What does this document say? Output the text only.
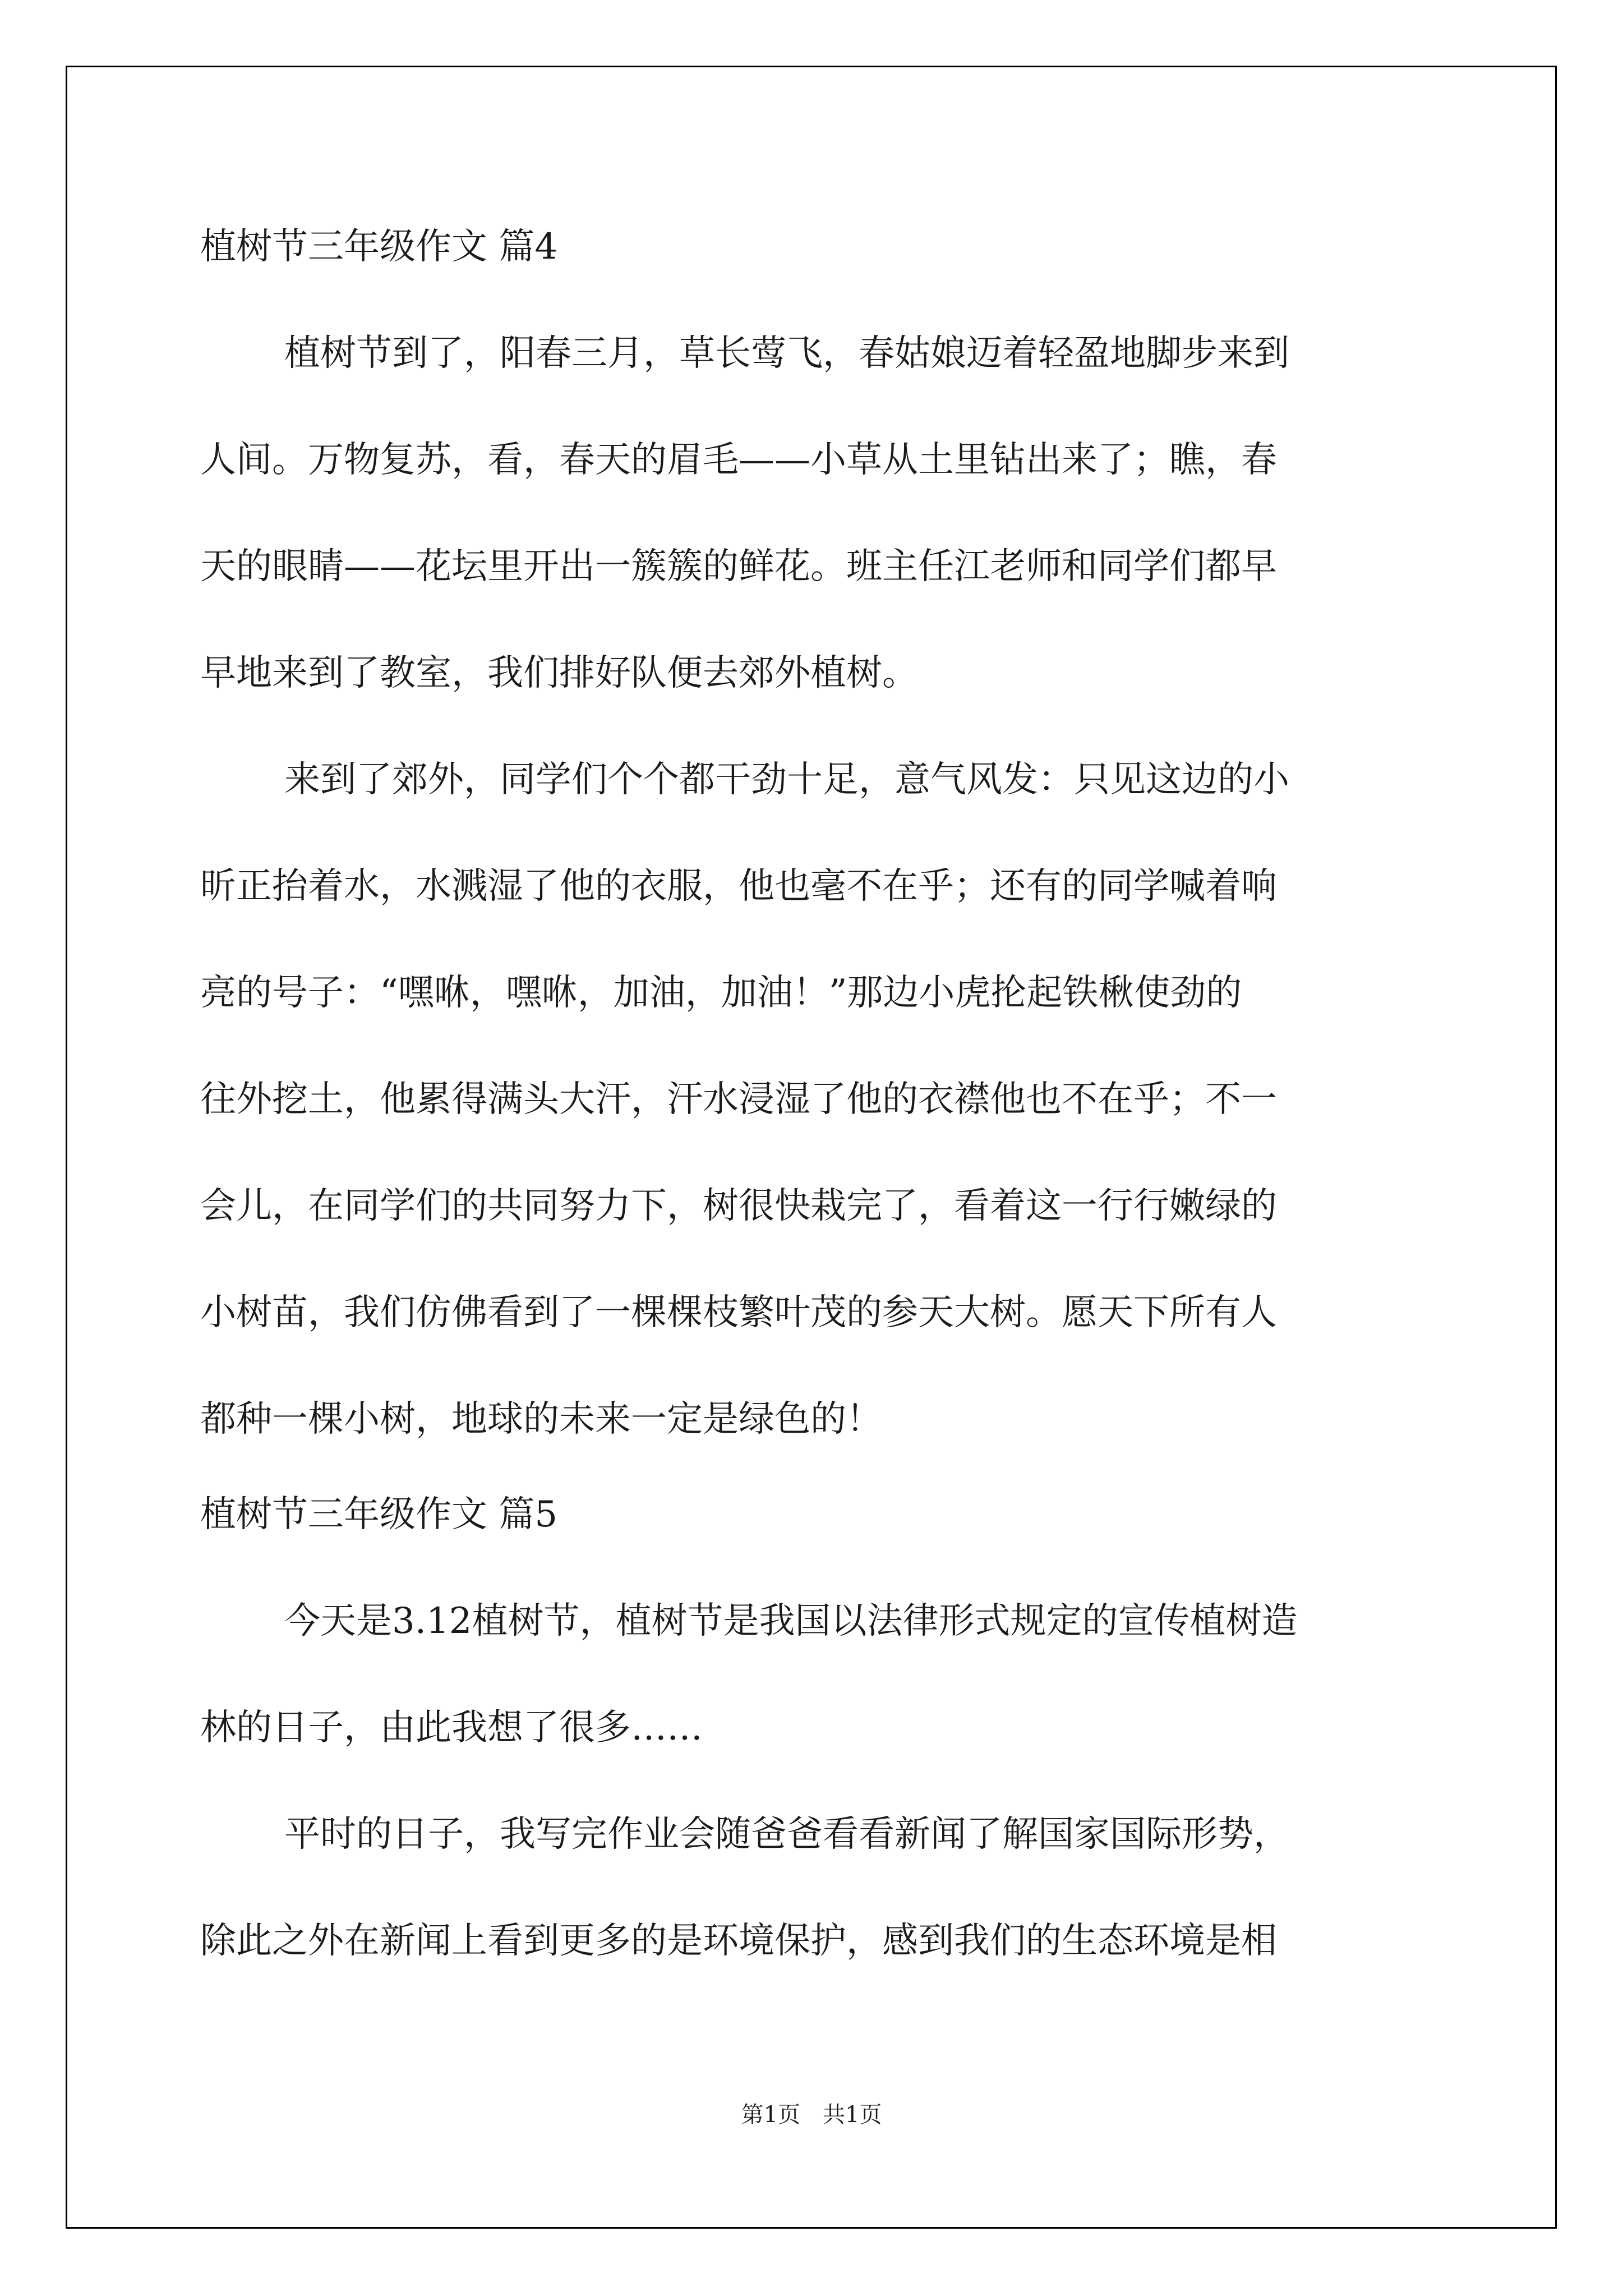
植树节三年级作文 篇4
植树节到了，阳春三月，草长莺飞，春姑娘迈着轻盈地脚步来到
人间。万物复苏，看，春天的眉毛——小草从土里钻出来了；瞧，春
天的眼睛——花坛里开出一簇簇的鲜花。班主任江老师和同学们都早
早地来到了教室，我们排好队便去郊外植树。
来到了郊外，同学们个个都干劲十足，意气风发：只见这边的小
昕正抬着水，水溅湿了他的衣服，他也毫不在乎；还有的同学喊着响
亮的号子：“嘿咻，嘿咻，加油，加油！”那边小虎抡起铁楸使劲的
往外挖土，他累得满头大汗，汗水浸湿了他的衣襟他也不在乎；不一
会儿，在同学们的共同努力下，树很快栽完了，看着这一行行嫩绿的
小树苗，我们仿佛看到了一棵棵枝繁叶茂的参天大树。愿天下所有人
都种一棵小树，地球的未来一定是绿色的！
植树节三年级作文 篇5
今天是3.12植树节，植树节是我国以法律形式规定的宣传植树造
林的日子，由此我想了很多……
平时的日子，我写完作业会随爸爸看看新闻了解国家国际形势，
除此之外在新闻上看到更多的是环境保护，感到我们的生态环境是相
第1页　共1页
